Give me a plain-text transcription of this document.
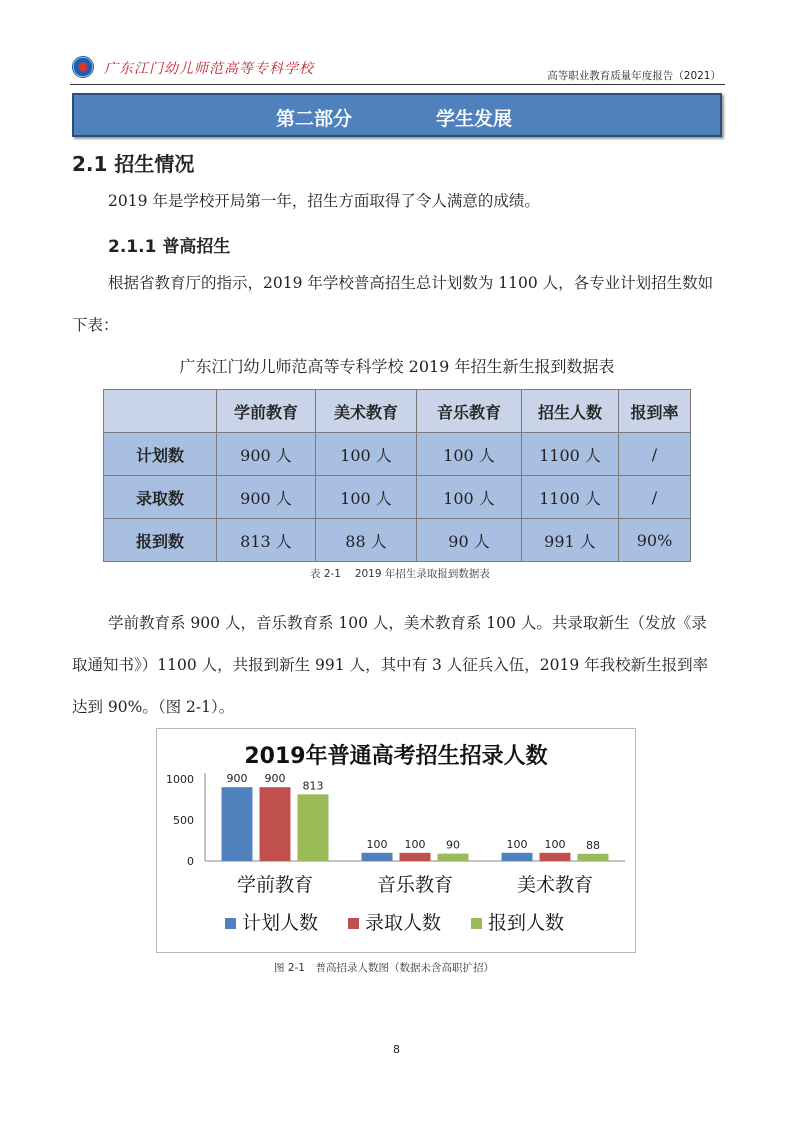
广东江门幼儿师范高等专科学校	高等职业教育质量年度报告（2021）
第二部分	学生发展
2.1 招生情况
2019 年是学校开局第一年，招生方面取得了令人满意的成绩。
2.1.1 普高招生
根据省教育厅的指示，2019 年学校普高招生总计划数为 1100 人，各专业计划招生数如下表：
广东江门幼儿师范高等专科学校 2019 年招生新生报到数据表
	学前教育	美术教育	音乐教育	招生人数	报到率
计划数	900 人	100 人	100 人	1100 人	/
录取数	900 人	100 人	100 人	1100 人	/
报到数	813 人	88 人	90 人	991 人	90%
表 2-1　 2019 年招生录取报到数据表
学前教育系 900 人，音乐教育系 100 人，美术教育系 100 人。共录取新生（发放《录取通知书》）1100 人，共报到新生 991 人，其中有 3 人征兵入伍，2019 年我校新生报到率达到 90%。（图 2-1）。
2019年普通高考招生招录人数
0
500
1000	900 900
813
学前教育
100 100 90
音乐教育
100 100 88
美术教育
计划人数 录取人数 报到人数
图 2-1　普高招录人数图（数据未含高职扩招）
8
